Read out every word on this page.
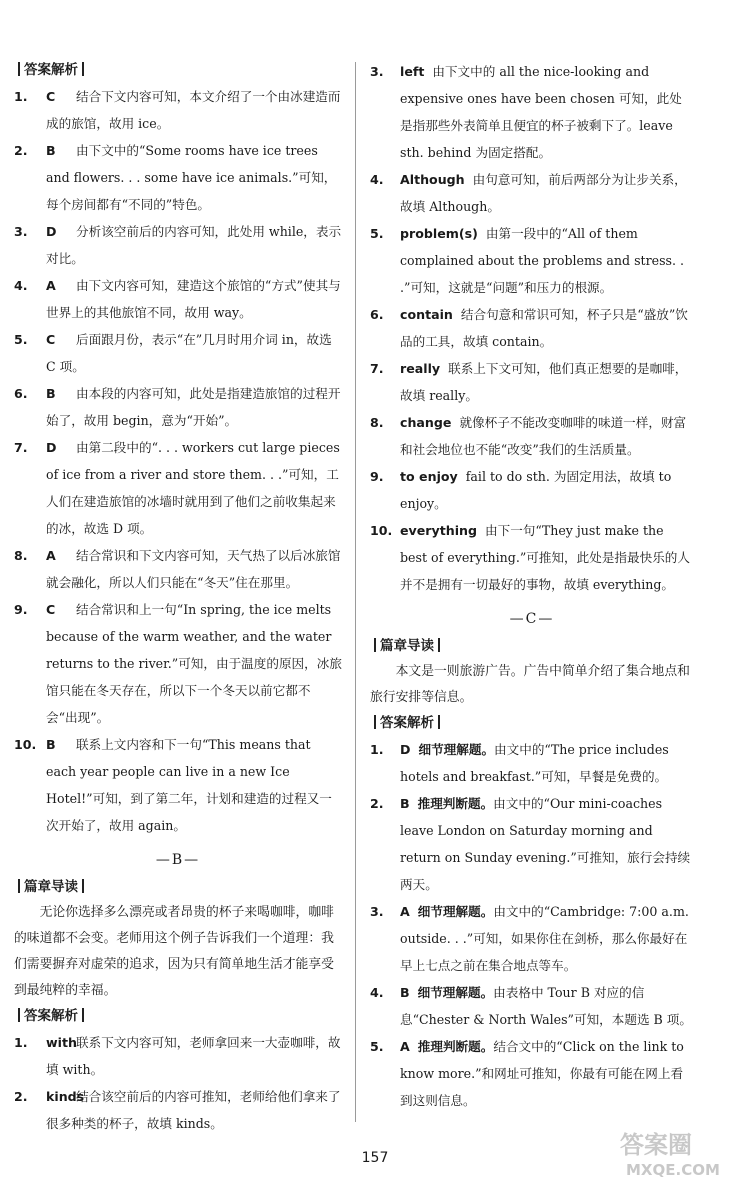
答案解析
1.	C 结合下文内容可知，本文介绍了一个由冰建造而成的旅馆，故用 ice。
2.	B 由下文中的“Some rooms have ice trees and flowers. . . some have ice animals.”可知，每个房间都有“不同的”特色。
3.	D 分析该空前后的内容可知，此处用 while，表示对比。
4.	A 由下文内容可知，建造这个旅馆的“方式”使其与世界上的其他旅馆不同，故用 way。
5.	C 后面跟月份，表示“在”几月时用介词 in，故选 C 项。
6.	B 由本段的内容可知，此处是指建造旅馆的过程开始了，故用 begin，意为“开始”。
7.	D 由第二段中的“. . . workers cut large pieces of ice from a river and store them. . .”可知，工人们在建造旅馆的冰墙时就用到了他们之前收集起来的冰，故选 D 项。
8.	A 结合常识和下文内容可知，天气热了以后冰旅馆就会融化，所以人们只能在“冬天”住在那里。
9.	C 结合常识和上一句“In spring, the ice melts because of the warm weather, and the water returns to the river.”可知，由于温度的原因，冰旅馆只能在冬天存在，所以下一个冬天以前它都不会“出现”。
10. B 联系上文内容和下一句“This means that each year people can live in a new Ice Hotel!”可知，到了第二年，计划和建造的过程又一次开始了，故用 again。
—B—
篇章导读
无论你选择多么漂亮或者昂贵的杯子来喝咖啡，咖啡的味道都不会变。老师用这个例子告诉我们一个道理：我们需要摒弃对虚荣的追求，因为只有简单地生活才能享受到最纯粹的幸福。
答案解析
1.	with联系下文内容可知，老师拿回来一大壶咖啡，故填 with。
2.	kinds结合该空前后的内容可推知，老师给他们拿来了很多种类的杯子，故填 kinds。
3.	left 由下文中的 all the nice-looking and expensive ones have been chosen 可知，此处是指那些外表简单且便宜的杯子被剩下了。leave sth. behind 为固定搭配。
4.	Although 由句意可知，前后两部分为让步关系，故填 Although。
5.	problem(s) 由第一段中的“All of them complained about the problems and stress. . .”可知，这就是“问题”和压力的根源。
6.	contain 结合句意和常识可知，杯子只是“盛放”饮品的工具，故填 contain。
7.	really 联系上下文可知，他们真正想要的是咖啡，故填 really。
8.	change 就像杯子不能改变咖啡的味道一样，财富和社会地位也不能“改变”我们的生活质量。
9.	to enjoy fail to do sth. 为固定用法，故填 to enjoy。
10. everything 由下一句“They just make the best of everything.”可推知，此处是指最快乐的人并不是拥有一切最好的事物，故填 everything。
—C—
篇章导读
本文是一则旅游广告。广告中简单介绍了集合地点和旅行安排等信息。
答案解析
1.	D 细节理解题。由文中的“The price includes hotels and breakfast.”可知，早餐是免费的。
2.	B 推理判断题。由文中的“Our mini-coaches leave London on Saturday morning and return on Sunday evening.”可推知，旅行会持续两天。
3.	A 细节理解题。由文中的“Cambridge: 7:00 a.m. outside. . .”可知，如果你住在剑桥，那么你最好在早上七点之前在集合地点等车。
4.	B 细节理解题。由表格中 Tour B 对应的信息“Chester & North Wales”可知，本题选 B 项。
5.	A 推理判断题。结合文中的“Click on the link to know more.”和网址可推知，你最有可能在网上看到这则信息。
157	答案圈
MXQE.COM
